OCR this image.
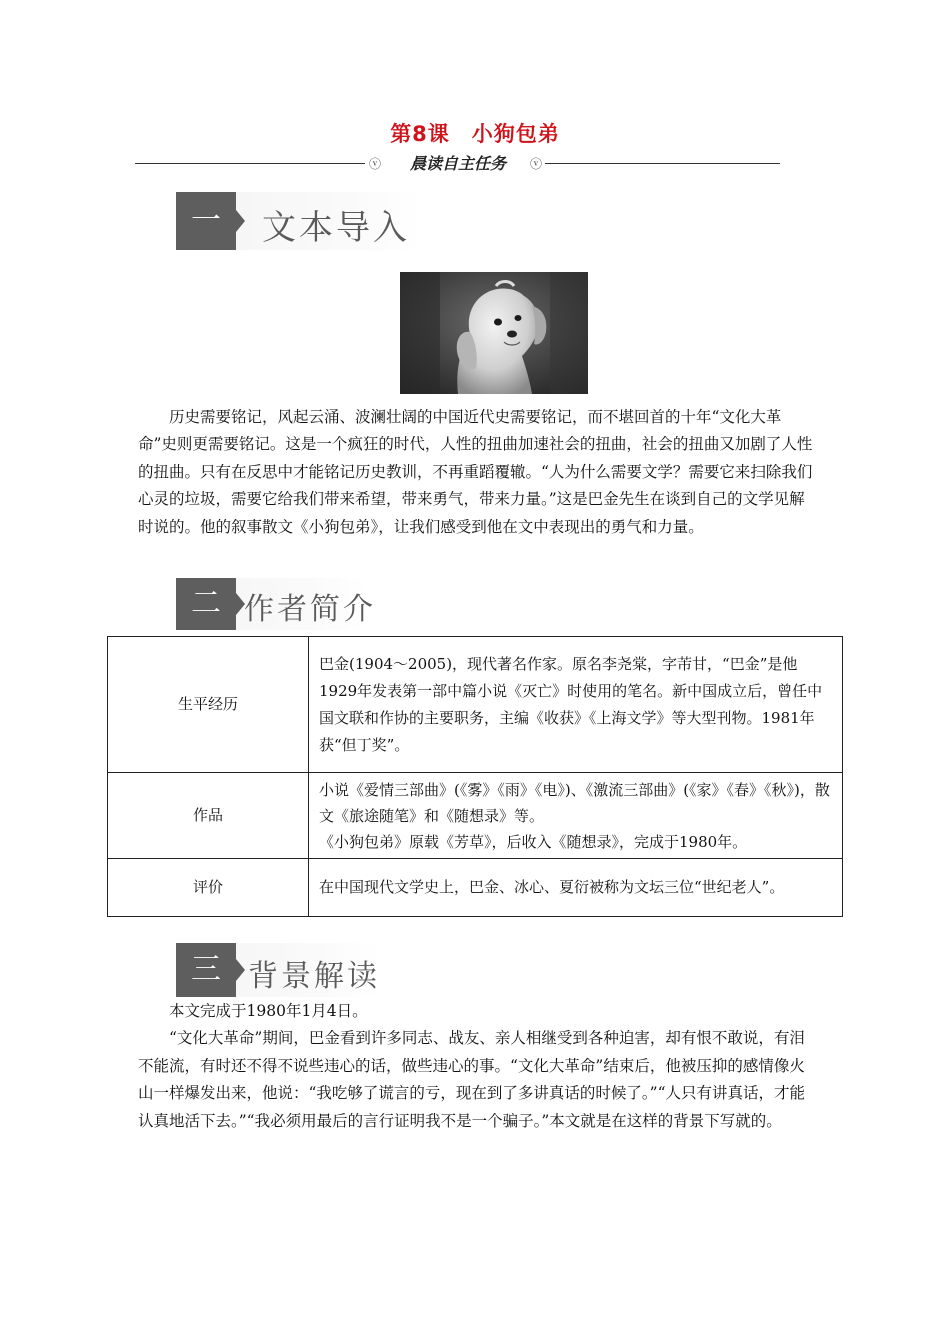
第8课　小狗包弟
ⓥ	晨读自主任务	ⓥ
一	文本导入

历史需要铭记，风起云涌、波澜壮阔的中国近代史需要铭记，而不堪回首的十年“文化大革命”史则更需要铭记。这是一个疯狂的时代，人性的扭曲加速社会的扭曲，社会的扭曲又加剧了人性的扭曲。只有在反思中才能铭记历史教训，不再重蹈覆辙。“人为什么需要文学？需要它来扫除我们心灵的垃圾，需要它给我们带来希望，带来勇气，带来力量。”这是巴金先生在谈到自己的文学见解时说的。他的叙事散文《小狗包弟》，让我们感受到他在文中表现出的勇气和力量。

二 作者简介
生平经历	巴金(1904～2005)，现代著名作家。原名李尧棠，字芾甘，“巴金”是他1929年发表第一部中篇小说《灭亡》时使用的笔名。新中国成立后，曾任中国文联和作协的主要职务，主编《收获》《上海文学》等大型刊物。1981年获“但丁奖”。
作品	小说《爱情三部曲》(《雾》《雨》《电》)、《激流三部曲》(《家》《春》《秋》)，散文《旅途随笔》和《随想录》等。
《小狗包弟》原载《芳草》，后收入《随想录》，完成于1980年。

评价	在中国现代文学史上，巴金、冰心、夏衍被称为文坛三位“世纪老人”。
三 背景解读

本文完成于1980年1月4日。

“文化大革命”期间，巴金看到许多同志、战友、亲人相继受到各种迫害，却有恨不敢说，有泪不能流，有时还不得不说些违心的话，做些违心的事。“文化大革命”结束后，他被压抑的感情像火山一样爆发出来，他说：“我吃够了谎言的亏，现在到了多讲真话的时候了。”“人只有讲真话，才能认真地活下去。”“我必须用最后的言行证明我不是一个骗子。”本文就是在这样的背景下写就的。
